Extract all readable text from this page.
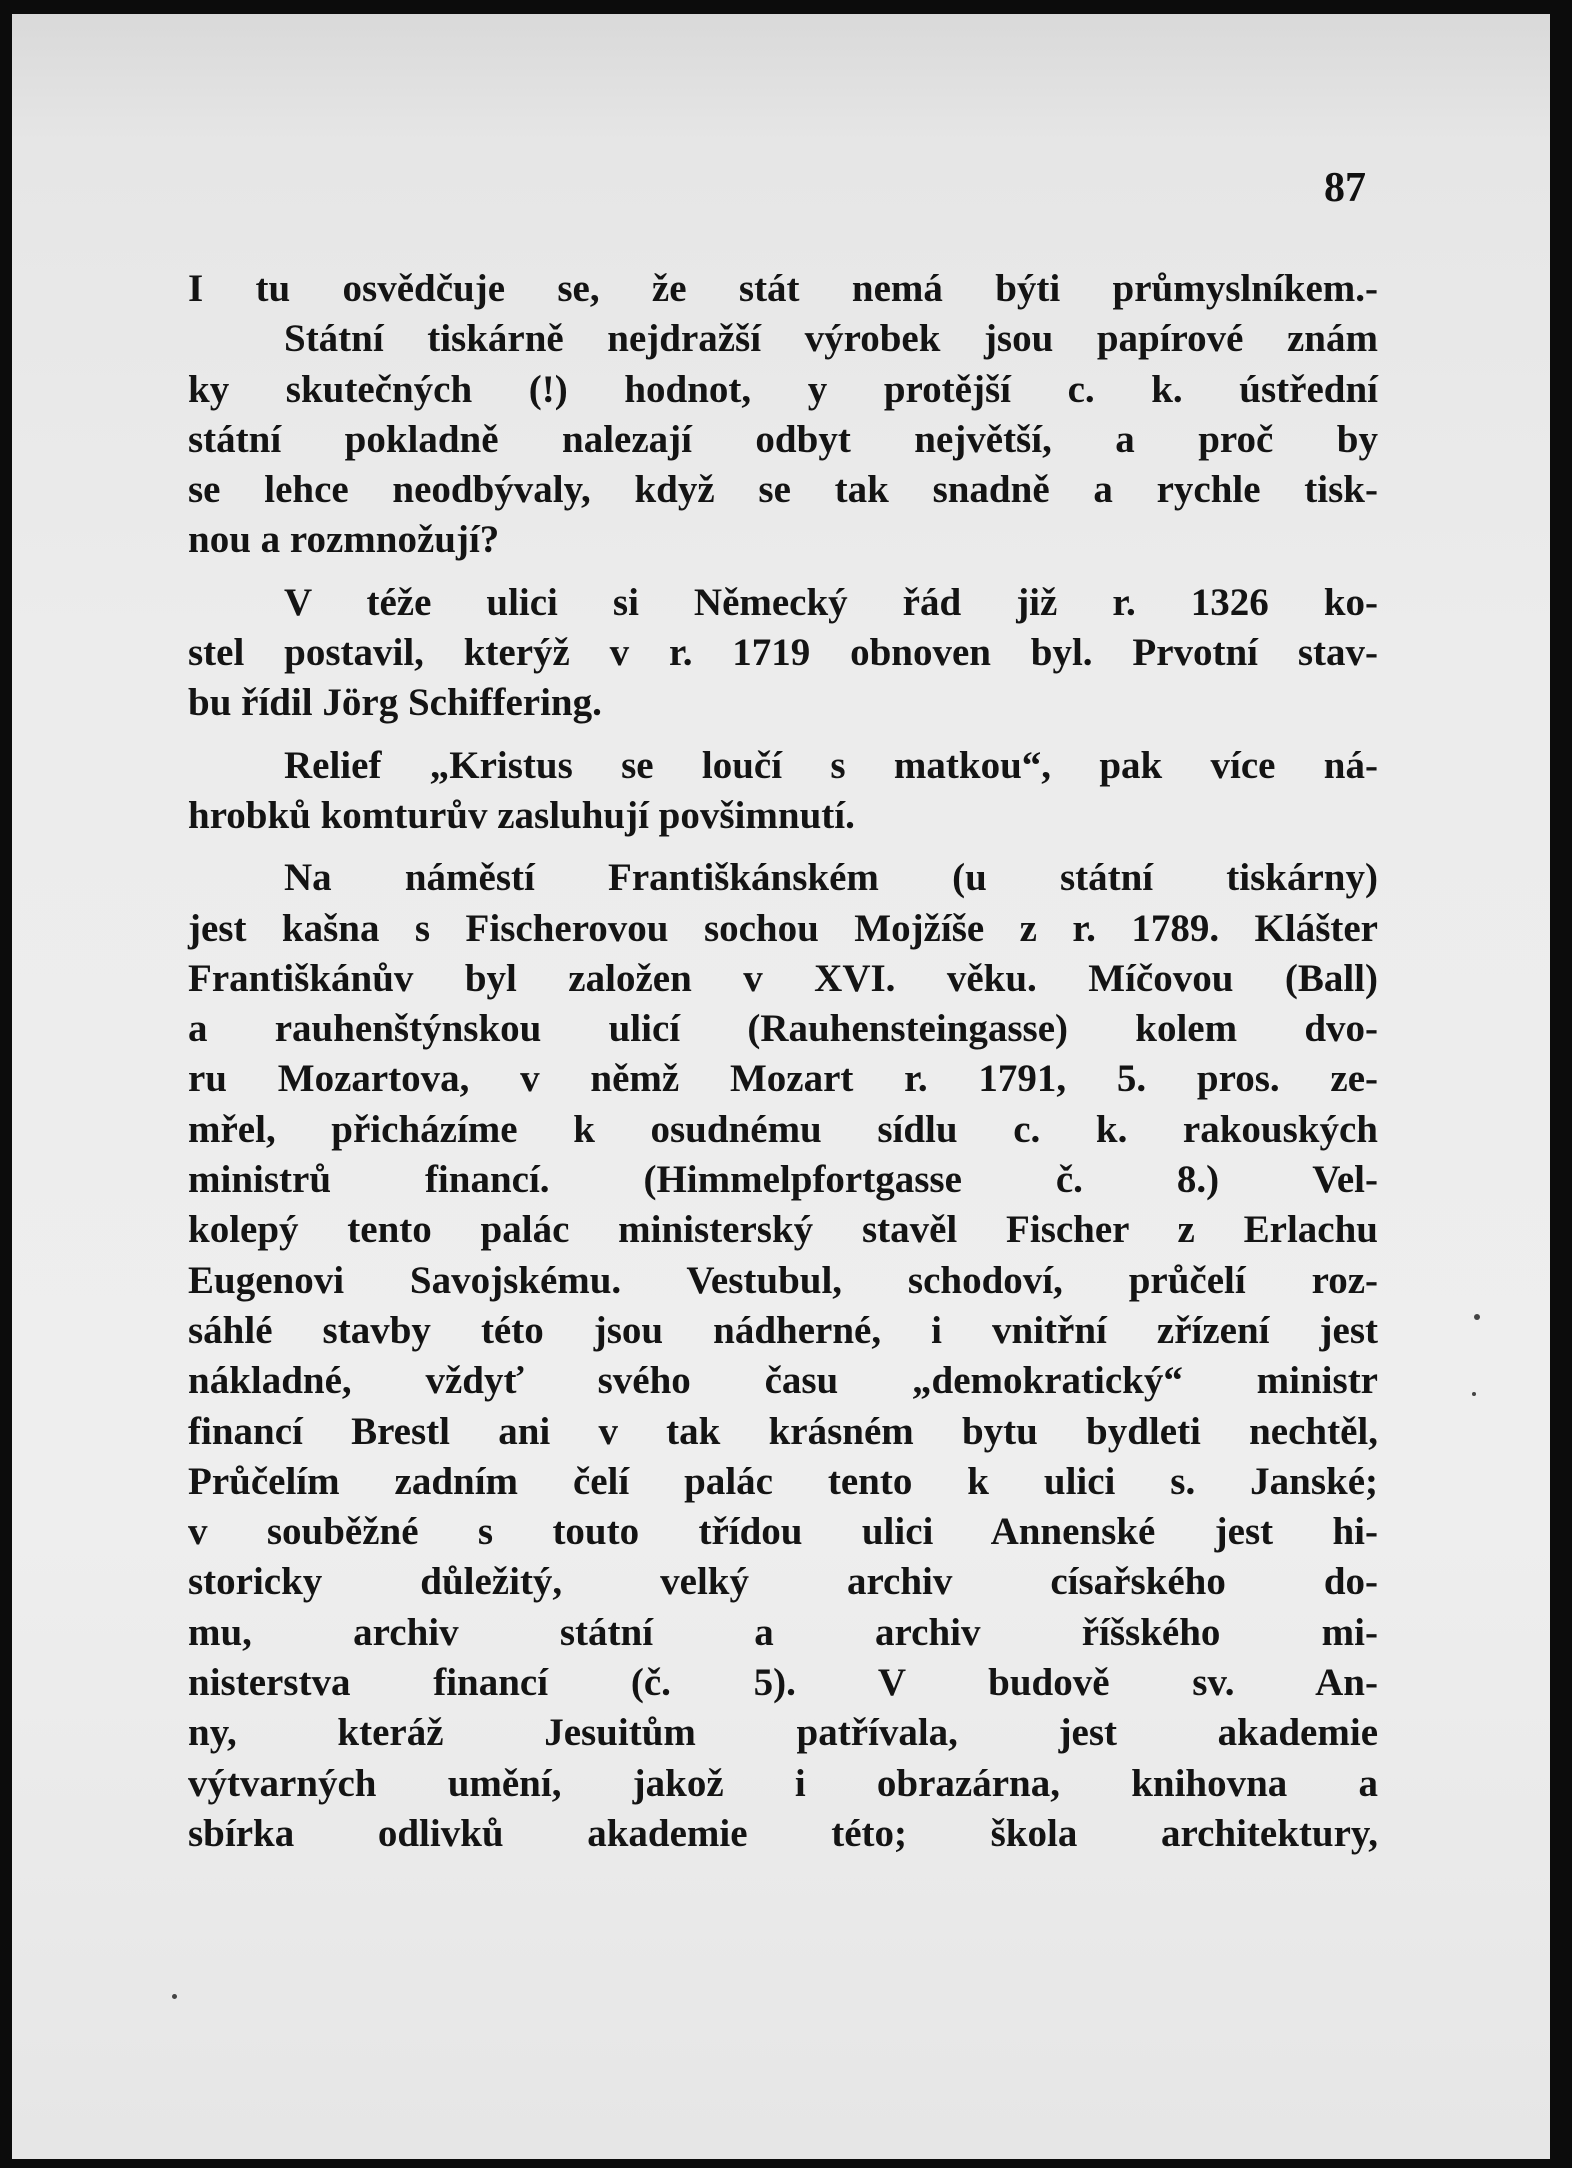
87
I tu osvědčuje se, že stát nemá býti průmyslníkem.-
Státní tiskárně nejdražší výrobek jsou papírové znám
ky skutečných (!) hodnot, y protější c. k. ústřední
státní pokladně nalezají odbyt největší, a proč by
se lehce neodbývaly, když se tak snadně a rychle tisk-
nou a rozmnožují?
V téže ulici si Německý řád již r. 1326 ko-
stel postavil, kterýž v r. 1719 obnoven byl. Prvotní stav-
bu řídil Jörg Schiffering.
Relief „Kristus se loučí s matkou“, pak více ná-
hrobků komturův zasluhují povšimnutí.
Na náměstí Františkánském (u státní tiskárny)
jest kašna s Fischerovou sochou Mojžíše z r. 1789. Klášter
Františkánův byl založen v XVI. věku. Míčovou (Ball)
a rauhenštýnskou ulicí (Rauhensteingasse) kolem dvo-
ru Mozartova, v němž Mozart r. 1791, 5. pros. ze-
mřel, přicházíme k osudnému sídlu c. k. rakouských
ministrů financí. (Himmelpfortgasse č. 8.) Vel-
kolepý tento palác ministerský stavěl Fischer z Erlachu
Eugenovi Savojskému. Vestubul, schodoví, průčelí roz-
sáhlé stavby této jsou nádherné, i vnitřní zřízení jest
nákladné, vždyť svého času „demokratický“ ministr
financí Brestl ani v tak krásném bytu bydleti nechtěl,
Průčelím zadním čelí palác tento k ulici s. Janské;
v souběžné s touto třídou ulici Annenské jest hi-
storicky důležitý, velký archiv císařského do-
mu, archiv státní a archiv říšského mi-
nisterstva financí (č. 5). V budově sv. An-
ny, kteráž Jesuitům patřívala, jest akademie
výtvarných umění, jakož i obrazárna, knihovna a
sbírka odlivků akademie této; škola architektury,
